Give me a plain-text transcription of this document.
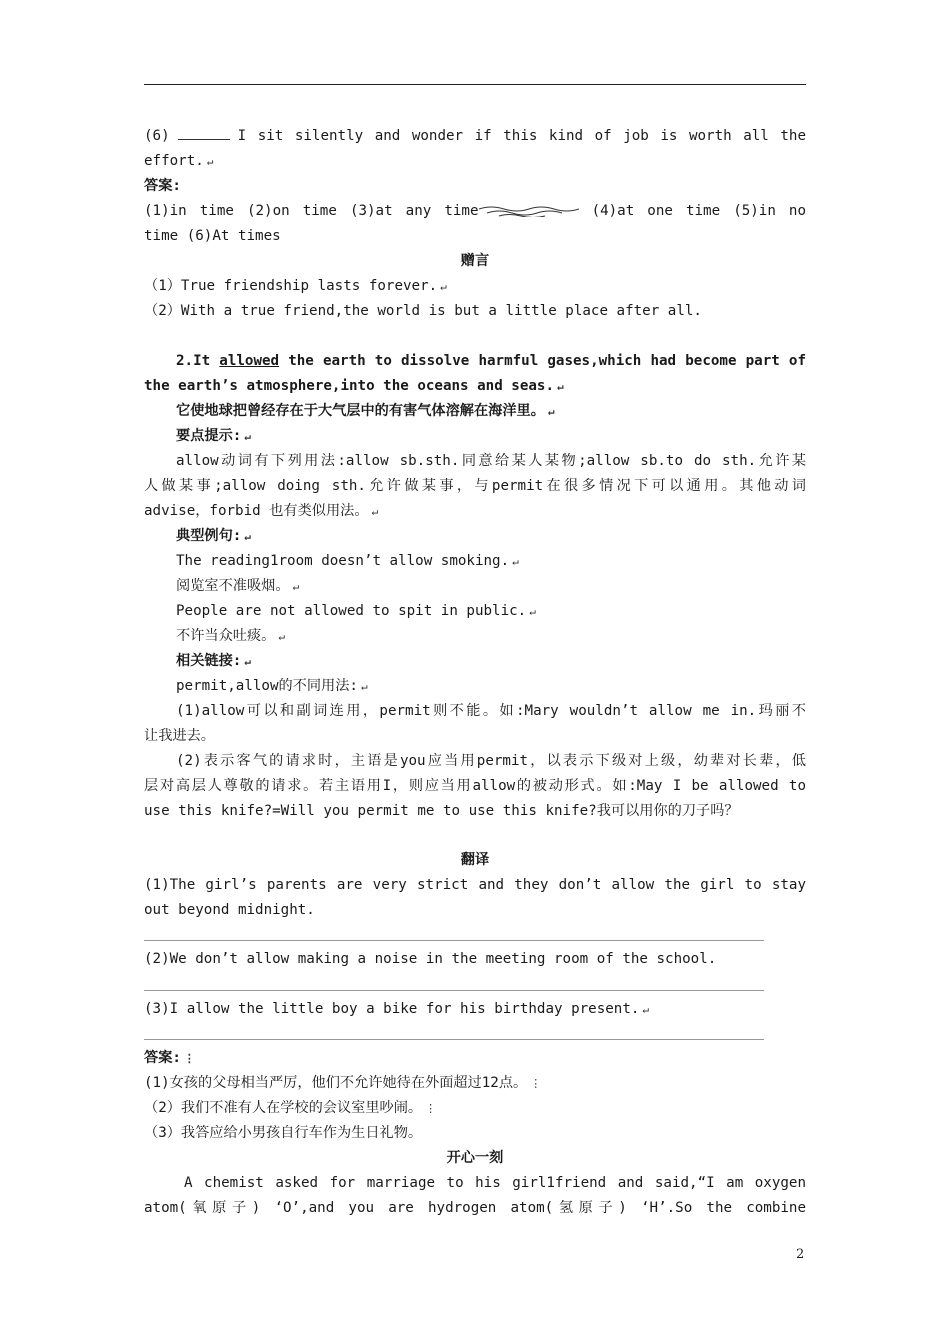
(6)	I sit silently and wonder if this kind of job is worth all the
effort. ↵
答案:
(1)in time (2)on time (3)at any time	(4)at one time (5)in no
time (6)At times
赠言
（1）True friendship lasts forever. ↵
（2）With a true friend,the world is but a little place after all.
2.It allowed the earth to dissolve harmful gases,which had become part of
the earth’s atmosphere,into the oceans and seas. ↵
它使地球把曾经存在于大气层中的有害气体溶解在海洋里。 ↵
要点提示: ↵
allow动词有下列用法:allow sb.sth.同意给某人某物;allow sb.to do sth.允许某
人做某事;allow doing sth.允许做某事，与permit在很多情况下可以通用。其他动词
advise，forbid 也有类似用法。 ↵
典型例句: ↵
The reading1room doesn’t allow smoking. ↵
阅览室不准吸烟。 ↵
People are not allowed to spit in public. ↵
不许当众吐痰。 ↵
相关链接: ↵
permit,allow的不同用法: ↵
(1)allow可以和副词连用，permit则不能。如:Mary wouldn’t allow me in.玛丽不
让我进去。
(2)表示客气的请求时，主语是you应当用permit，以表示下级对上级，幼辈对长辈，低
层对高层人尊敬的请求。若主语用I，则应当用allow的被动形式。如:May I be allowed to
use this knife?=Will you permit me to use this knife?我可以用你的刀子吗？
翻译
(1)The girl’s parents are very strict and they don’t allow the girl to stay
out beyond midnight.
(2)We don’t allow making a noise in the meeting room of the school.
(3)I allow the little boy a bike for his birthday present. ↵
答案: ⋮
(1)女孩的父母相当严厉，他们不允许她待在外面超过12点。 ⋮
（2）我们不准有人在学校的会议室里吵闹。 ⋮
（3）我答应给小男孩自行车作为生日礼物。
开心一刻
A chemist asked for marriage to his girl1friend and said,“I am oxygen
atom(氧原子) ‘O’,and you are hydrogen atom(氢原子) ‘H’.So the combine
2
